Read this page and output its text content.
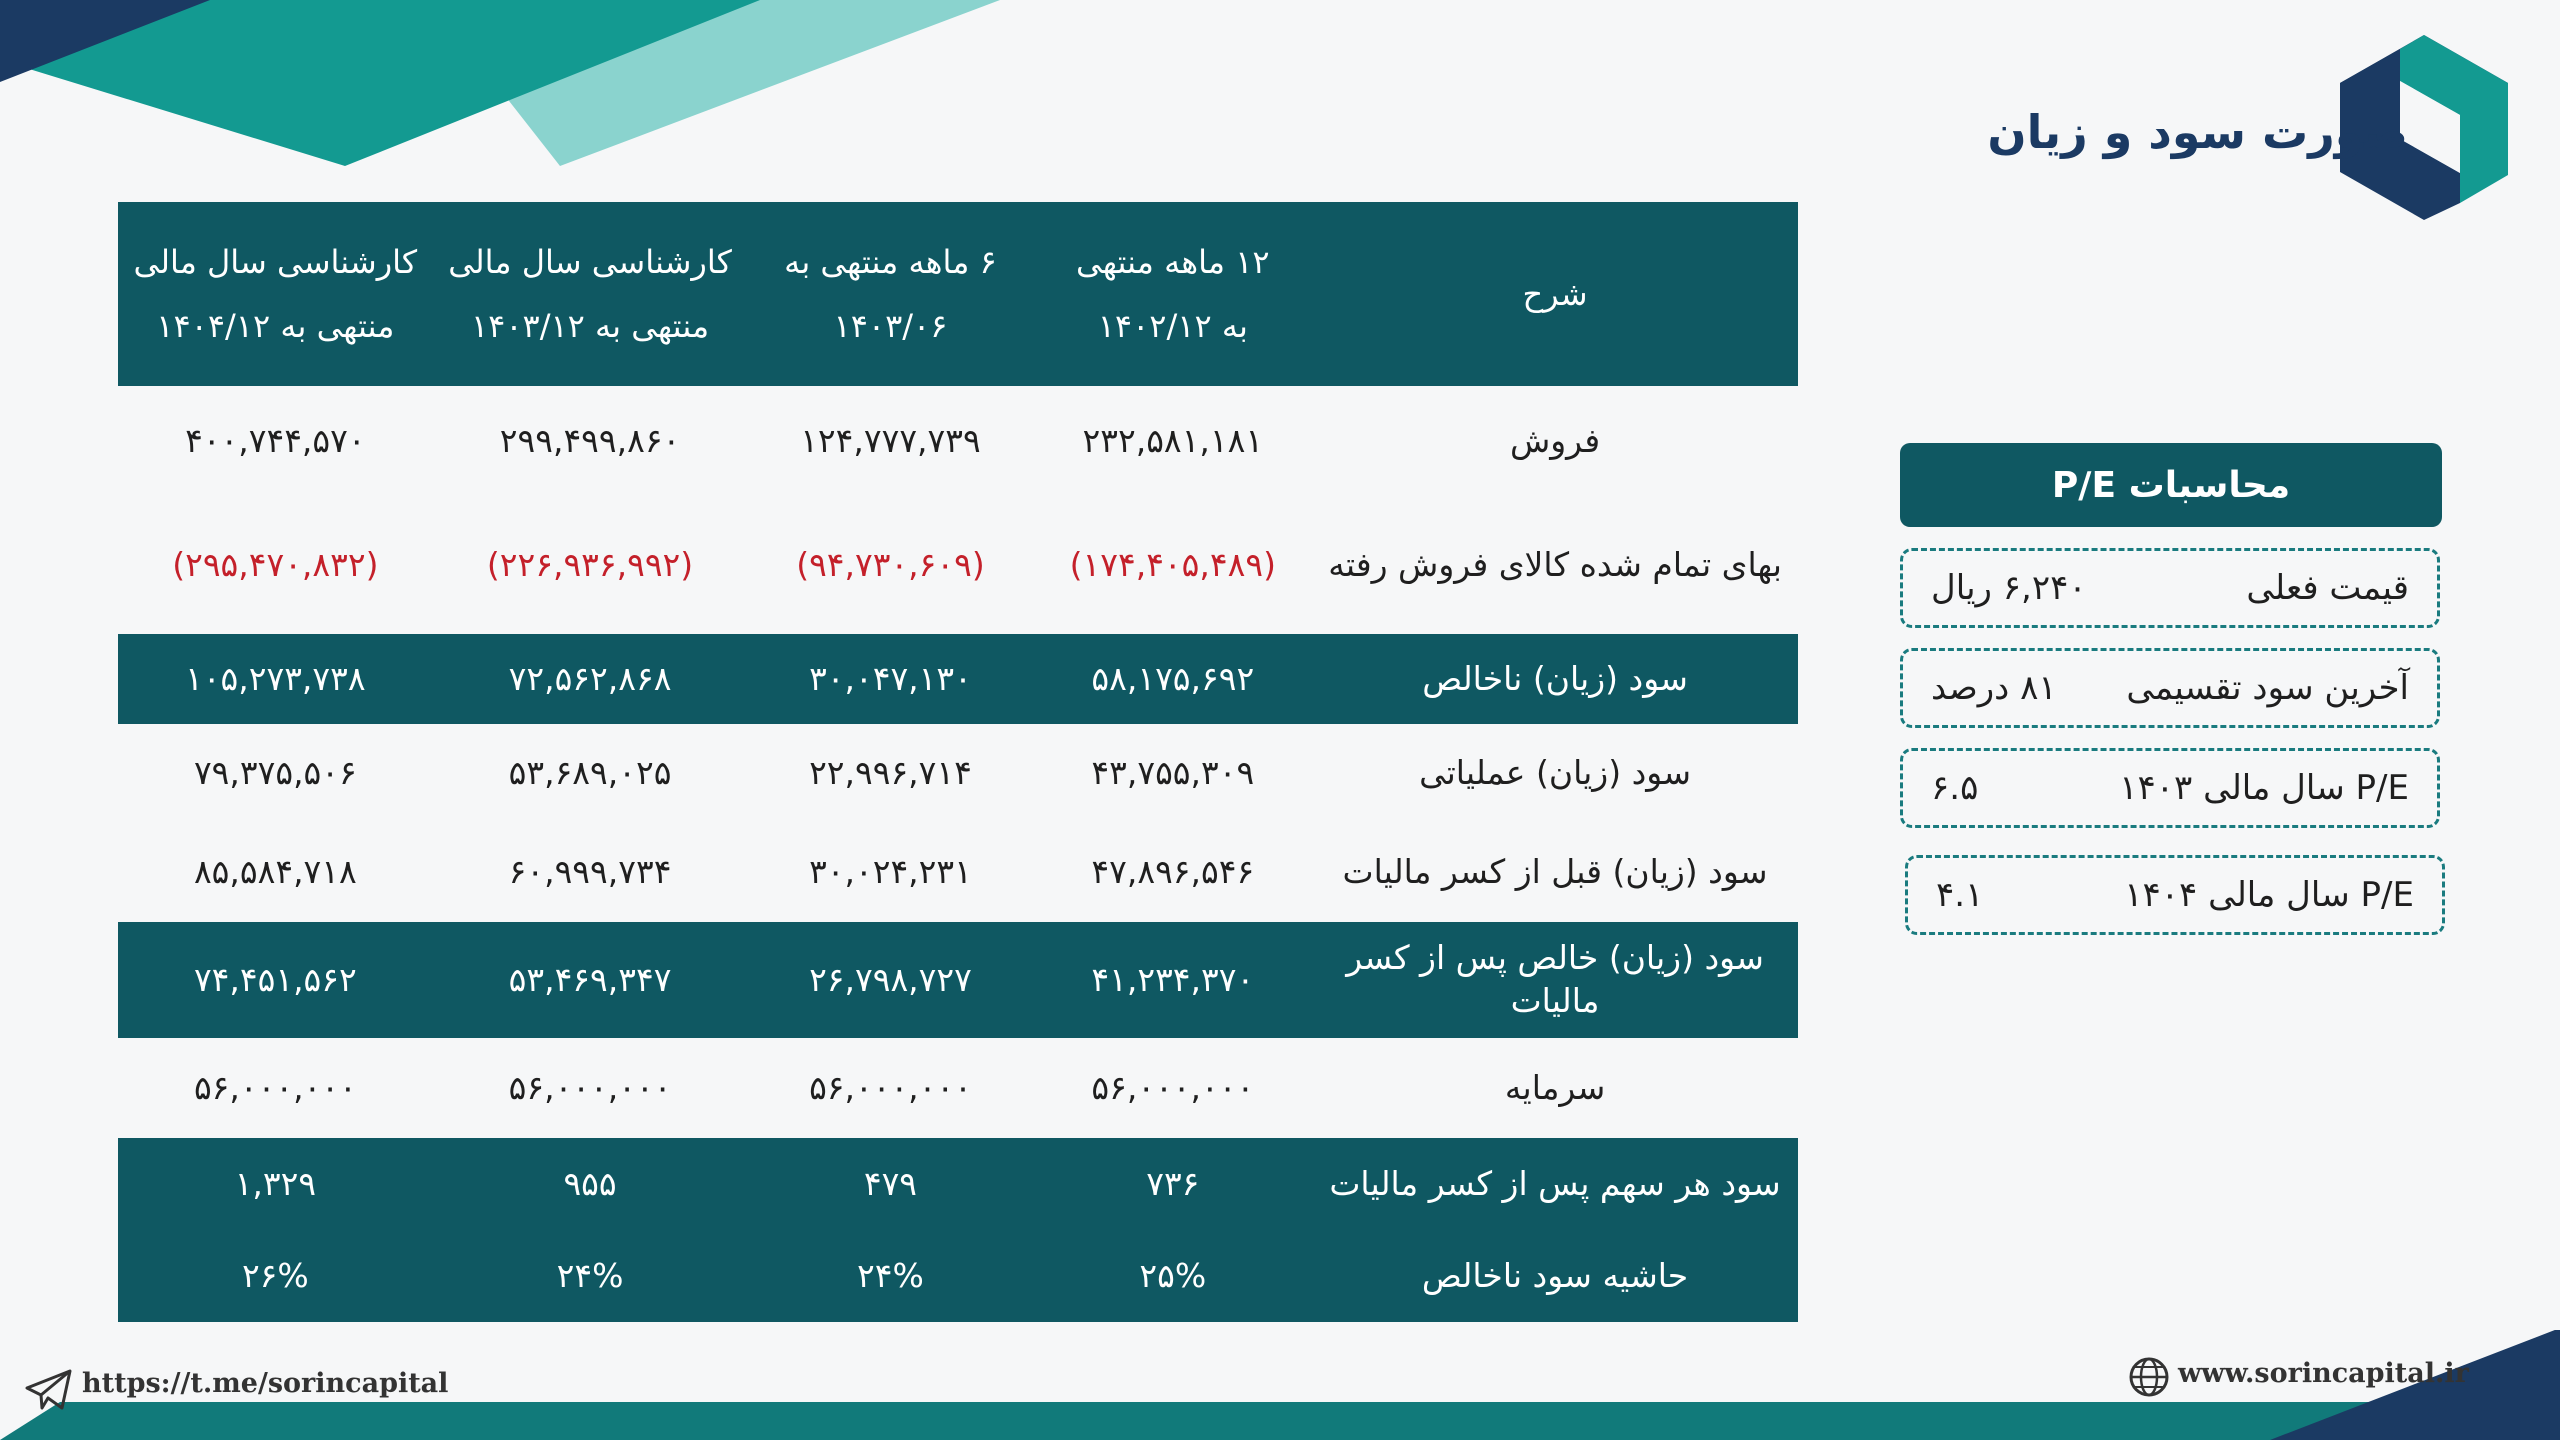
صورت سود و زیان
شرح
۱۲ ماهه منتهی
به ۱۴۰۲/۱۲
۶ ماهه منتهی به
۱۴۰۳/۰۶
کارشناسی سال مالی
منتهی به ۱۴۰۳/۱۲
کارشناسی سال مالی
منتهی به ۱۴۰۴/۱۲
فروش
۲۳۲,۵۸۱,۱۸۱
۱۲۴,۷۷۷,۷۳۹
۲۹۹,۴۹۹,۸۶۰
۴۰۰,۷۴۴,۵۷۰
بهای تمام شده کالای فروش رفته
(۱۷۴,۴۰۵,۴۸۹)
(۹۴,۷۳۰,۶۰۹)
(۲۲۶,۹۳۶,۹۹۲)
(۲۹۵,۴۷۰,۸۳۲)
سود (زیان) ناخالص
۵۸,۱۷۵,۶۹۲
۳۰,۰۴۷,۱۳۰
۷۲,۵۶۲,۸۶۸
۱۰۵,۲۷۳,۷۳۸
سود (زیان) عملیاتی
۴۳,۷۵۵,۳۰۹
۲۲,۹۹۶,۷۱۴
۵۳,۶۸۹,۰۲۵
۷۹,۳۷۵,۵۰۶
سود (زیان) قبل از کسر مالیات
۴۷,۸۹۶,۵۴۶
۳۰,۰۲۴,۲۳۱
۶۰,۹۹۹,۷۳۴
۸۵,۵۸۴,۷۱۸
سود (زیان) خالص پس از کسر مالیات
۴۱,۲۳۴,۳۷۰
۲۶,۷۹۸,۷۲۷
۵۳,۴۶۹,۳۴۷
۷۴,۴۵۱,۵۶۲
سرمایه
۵۶,۰۰۰,۰۰۰
۵۶,۰۰۰,۰۰۰
۵۶,۰۰۰,۰۰۰
۵۶,۰۰۰,۰۰۰
سود هر سهم پس از کسر مالیات
۷۳۶
۴۷۹
۹۵۵
۱,۳۲۹
حاشیه سود ناخالص
۲۵%
۲۴%
۲۴%
۲۶%
محاسبات P/E
قیمت فعلی
۶,۲۴۰ ریال
آخرین سود تقسیمی
۸۱ درصد
P/E سال مالی ۱۴۰۳
۶.۵
P/E سال مالی ۱۴۰۴
۴.۱
https://t.me/sorincapital	www.sorincapital.ir
